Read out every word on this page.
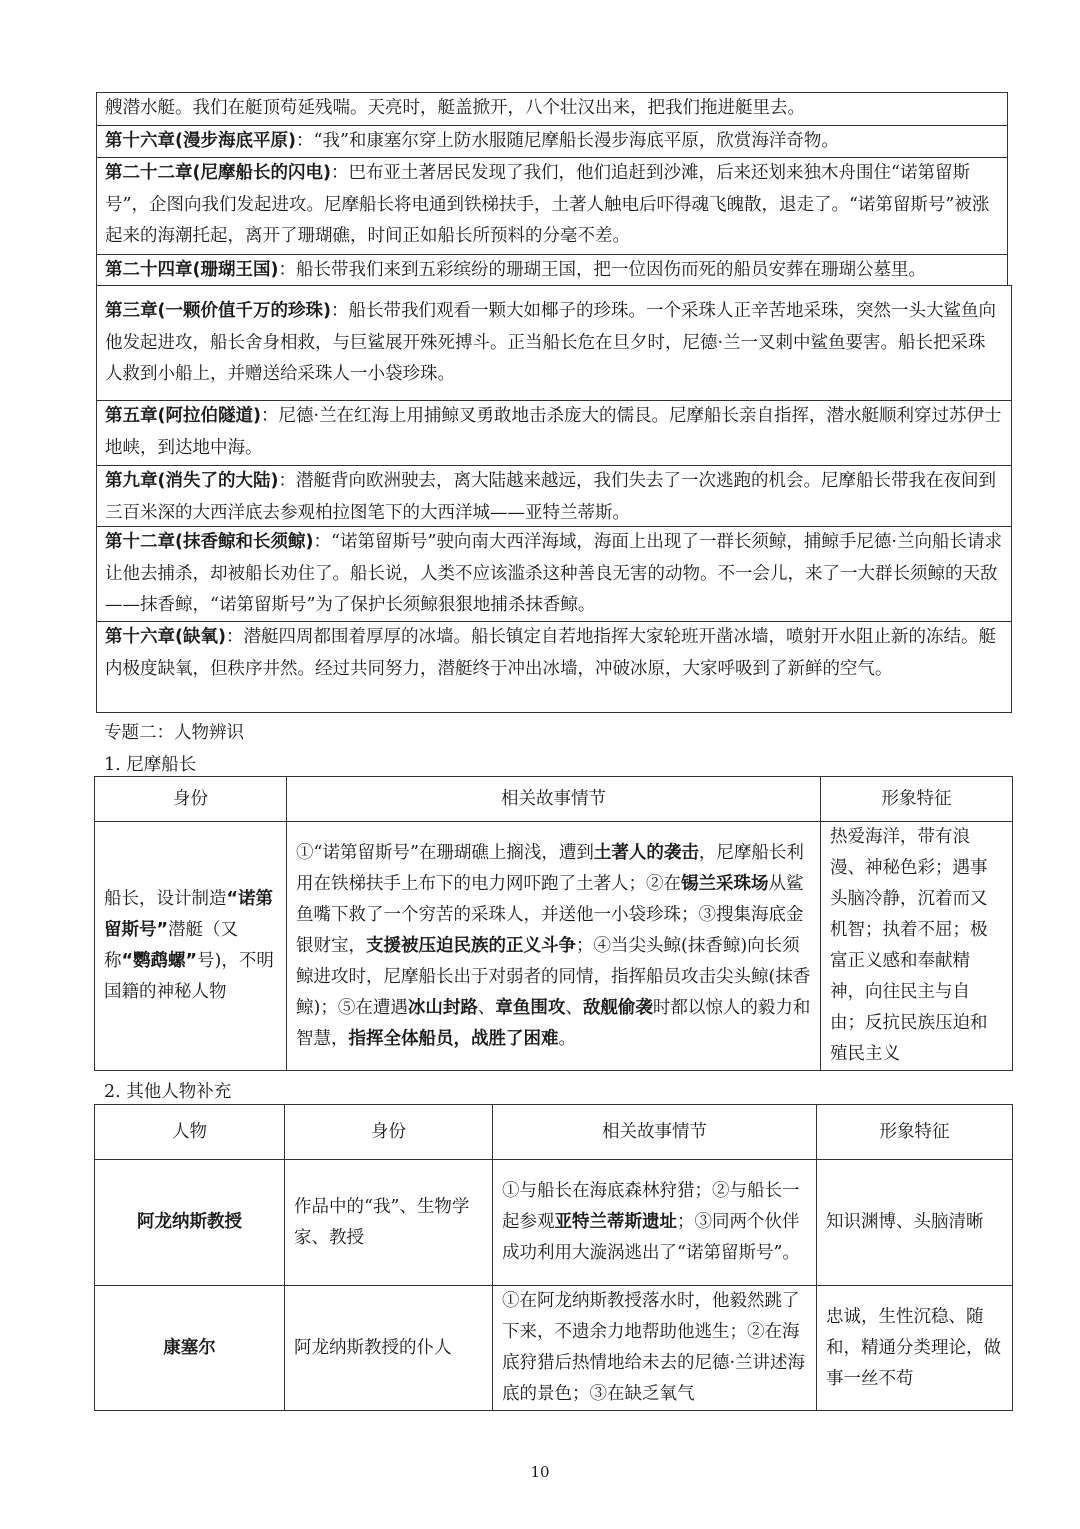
艘潜水艇。我们在艇顶苟延残喘。天亮时，艇盖掀开，八个壮汉出来，把我们拖进艇里去。
第十六章(漫步海底平原)：“我”和康塞尔穿上防水服随尼摩船长漫步海底平原，欣赏海洋奇物。
第二十二章(尼摩船长的闪电)：巴布亚土著居民发现了我们，他们追赶到沙滩，后来还划来独木舟围住“诺第留斯号”，企图向我们发起进攻。尼摩船长将电通到铁梯扶手，土著人触电后吓得魂飞魄散，退走了。“诺第留斯号”被涨起来的海潮托起，离开了珊瑚礁，时间正如船长所预料的分毫不差。
第二十四章(珊瑚王国)：船长带我们来到五彩缤纷的珊瑚王国，把一位因伤而死的船员安葬在珊瑚公墓里。
第三章(一颗价值千万的珍珠)：船长带我们观看一颗大如椰子的珍珠。一个采珠人正辛苦地采珠，突然一头大鲨鱼向他发起进攻，船长舍身相救，与巨鲨展开殊死搏斗。正当船长危在旦夕时，尼德·兰一叉刺中鲨鱼要害。船长把采珠人救到小船上，并赠送给采珠人一小袋珍珠。
第五章(阿拉伯隧道)：尼德·兰在红海上用捕鲸叉勇敢地击杀庞大的儒艮。尼摩船长亲自指挥，潜水艇顺利穿过苏伊士地峡，到达地中海。
第九章(消失了的大陆)：潜艇背向欧洲驶去，离大陆越来越远，我们失去了一次逃跑的机会。尼摩船长带我在夜间到三百米深的大西洋底去参观柏拉图笔下的大西洋城——亚特兰蒂斯。
第十二章(抹香鲸和长须鲸)：“诺第留斯号”驶向南大西洋海域，海面上出现了一群长须鲸，捕鲸手尼德·兰向船长请求让他去捕杀，却被船长劝住了。船长说，人类不应该滥杀这种善良无害的动物。不一会儿，来了一大群长须鲸的天敌——抹香鲸，“诺第留斯号”为了保护长须鲸狠狠地捕杀抹香鲸。
第十六章(缺氧)：潜艇四周都围着厚厚的冰墙。船长镇定自若地指挥大家轮班开凿冰墙，喷射开水阻止新的冻结。艇内极度缺氧，但秩序井然。经过共同努力，潜艇终于冲出冰墙，冲破冰原，大家呼吸到了新鲜的空气。
专题二：人物辨识
1. 尼摩船长
身份	相关故事情节	形象特征
船长，设计制造“诺第留斯号”潜艇（又称“鹦鹉螺”号)，不明国籍的神秘人物	①“诺第留斯号”在珊瑚礁上搁浅，遭到土著人的袭击，尼摩船长利用在铁梯扶手上布下的电力网吓跑了土著人；②在锡兰采珠场从鲨鱼嘴下救了一个穷苦的采珠人，并送他一小袋珍珠；③搜集海底金银财宝，支援被压迫民族的正义斗争；④当尖头鲸(抹香鲸)向长须鲸进攻时，尼摩船长出于对弱者的同情，指挥船员攻击尖头鲸(抹香鲸)；⑤在遭遇冰山封路、章鱼围攻、敌舰偷袭时都以惊人的毅力和智慧，指挥全体船员，战胜了困难。	热爱海洋，带有浪漫、神秘色彩；遇事头脑冷静，沉着而又机智；执着不屈；极富正义感和奉献精神，向往民主与自由；反抗民族压迫和殖民主义
2. 其他人物补充
人物	身份	相关故事情节	形象特征
阿龙纳斯教授	作品中的“我”、生物学家、教授	①与船长在海底森林狩猎；②与船长一起参观亚特兰蒂斯遗址；③同两个伙伴成功利用大漩涡逃出了“诺第留斯号”。	知识渊博、头脑清晰
康塞尔	阿龙纳斯教授的仆人	①在阿龙纳斯教授落水时，他毅然跳了下来，不遗余力地帮助他逃生；②在海底狩猎后热情地给未去的尼德·兰讲述海底的景色；③在缺乏氧气	忠诚，生性沉稳、随和，精通分类理论，做事一丝不苟
10
